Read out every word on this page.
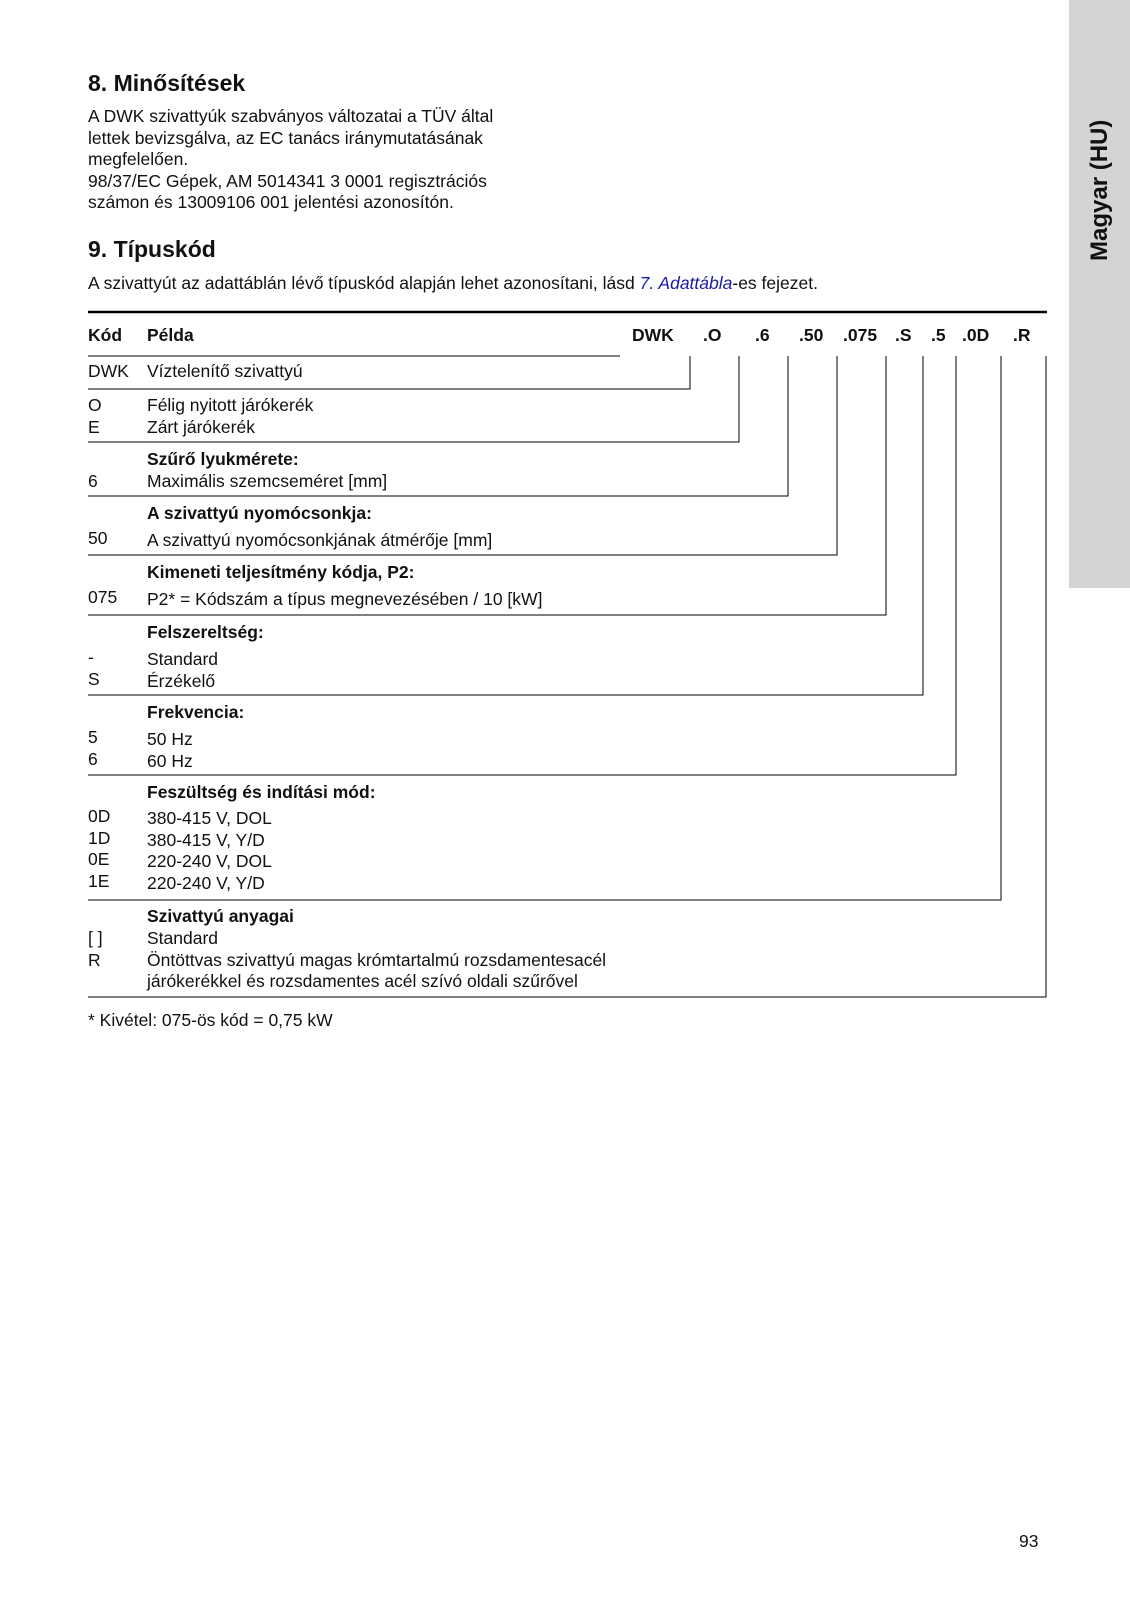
Magyar (HU)
8. Minősítések
A DWK szivattyúk szabványos változatai a TÜV által
lettek bevizsgálva, az EC tanács iránymutatásának
megfelelően.
98/37/EC Gépek, AM 5014341 3 0001 regisztrációs
számon és 13009106 001 jelentési azonosítón.
9. Típuskód
A szivattyút az adattáblán lévő típuskód alapján lehet azonosítani, lásd 7. Adattábla-es fejezet.
Kód Példa	DWK .O .6 .50 .075 .S .5 .0D .R
DWK Víztelenítő szivattyú
O
E
Félig nyitott járókerék
Zárt járókerék
Szűrő lyukmérete:
6	Maximális szemcseméret [mm]
A szivattyú nyomócsonkja:
50 A szivattyú nyomócsonkjának átmérője [mm]
Kimeneti teljesítmény kódja, P2:
075 P2* = Kódszám a típus megnevezésében / 10 [kW]
Felszereltség:
-
S
Standard
Érzékelő
Frekvencia:
5
6
50 Hz
60 Hz
Feszültség és indítási mód:
0D
1D
0E
1E
380-415 V, DOL
380-415 V, Y/D
220-240 V, DOL
220-240 V, Y/D
Szivattyú anyagai
[ ]
R
Standard
Öntöttvas szivattyú magas krómtartalmú rozsdamentesacél
járókerékkel és rozsdamentes acél szívó oldali szűrővel
* Kivétel: 075-ös kód = 0,75 kW
93
